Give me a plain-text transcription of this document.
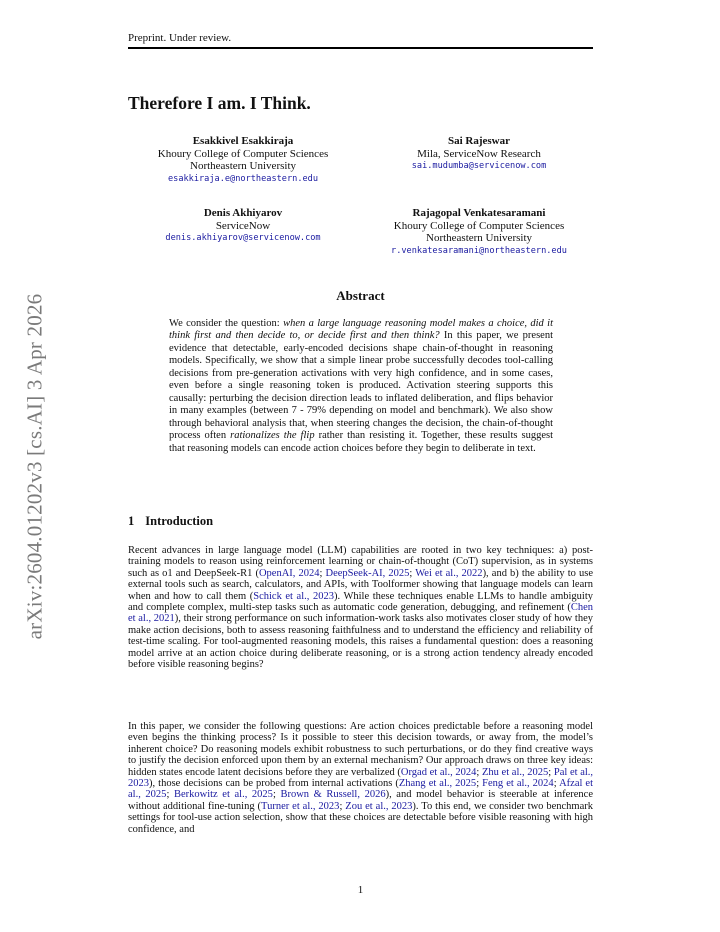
Preprint. Under review.
arXiv:2604.01202v3 [cs.AI] 3 Apr 2026
Therefore I am. I Think.
Esakkivel Esakkiraja
Khoury College of Computer Sciences
Northeastern University
esakkiraja.e@northeastern.edu
Sai Rajeswar
Mila, ServiceNow Research
sai.mudumba@servicenow.com
Denis Akhiyarov
ServiceNow
denis.akhiyarov@servicenow.com
Rajagopal Venkatesaramani
Khoury College of Computer Sciences
Northeastern University
r.venkatesaramani@northeastern.edu
Abstract
We consider the question: when a large language reasoning model makes a choice, did it think first and then decide to, or decide first and then think? In this paper, we present evidence that detectable, early-encoded decisions shape chain-of-thought in reasoning models. Specifically, we show that a simple linear probe successfully decodes tool-calling decisions from pre-generation activations with very high confidence, and in some cases, even before a single reasoning token is produced. Activation steering supports this causally: perturbing the decision direction leads to inflated deliberation, and flips behavior in many examples (between 7 - 79% depending on model and benchmark). We also show through behavioral analysis that, when steering changes the decision, the chain-of-thought process often rationalizes the flip rather than resisting it. Together, these results suggest that reasoning models can encode action choices before they begin to deliberate in text.
1 Introduction
Recent advances in large language model (LLM) capabilities are rooted in two key techniques: a) post-training models to reason using reinforcement learning or chain-of-thought (CoT) supervision, as in systems such as o1 and DeepSeek-R1 (OpenAI, 2024; DeepSeek-AI, 2025; Wei et al., 2022), and b) the ability to use external tools such as search, calculators, and APIs, with Toolformer showing that language models can learn when and how to call them (Schick et al., 2023). While these techniques enable LLMs to handle ambiguity and complete complex, multi-step tasks such as automatic code generation, debugging, and refinement (Chen et al., 2021), their strong performance on such information-work tasks also motivates closer study of how they make action decisions, both to assess reasoning faithfulness and to understand the efficiency and reliability of test-time scaling. For tool-augmented reasoning models, this raises a fundamental question: does a reasoning model arrive at an action choice during deliberate reasoning, or is a strong action tendency already encoded before visible reasoning begins?
In this paper, we consider the following questions: Are action choices predictable before a reasoning model even begins the thinking process? Is it possible to steer this decision towards, or away from, the model’s inherent choice? Do reasoning models exhibit robustness to such perturbations, or do they find creative ways to justify the decision enforced upon them by an external mechanism? Our approach draws on three key ideas: hidden states encode latent decisions before they are verbalized (Orgad et al., 2024; Zhu et al., 2025; Pal et al., 2023), those decisions can be probed from internal activations (Zhang et al., 2025; Feng et al., 2024; Afzal et al., 2025; Berkowitz et al., 2025; Brown & Russell, 2026), and model behavior is steerable at inference without additional fine-tuning (Turner et al., 2023; Zou et al., 2023). To this end, we consider two benchmark settings for tool-use action selection, show that these choices are detectable before visible reasoning with high confidence, and
1
